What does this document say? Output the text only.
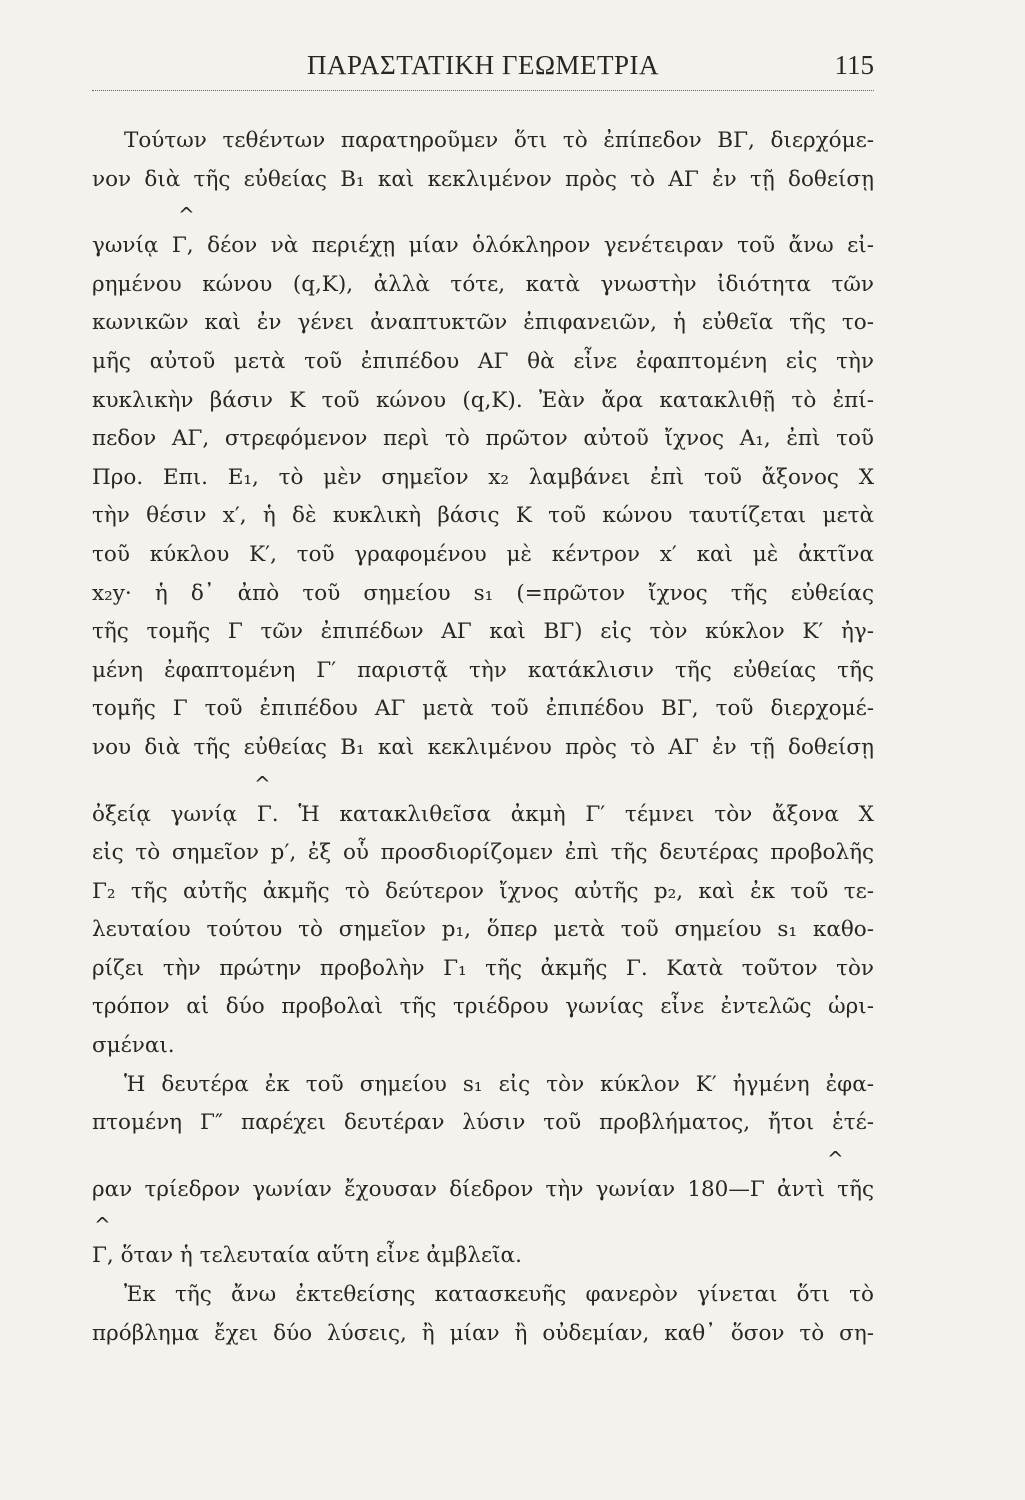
ΠΑΡΑΣΤΑΤΙΚΗ ΓΕΩΜΕΤΡΙΑ	115
Τούτων τεθέντων παρατηροῦμεν ὅτι τὸ ἐπίπεδον ΒΓ, διερχόμε-
νον διὰ τῆς εὐθείας Β₁ καὶ κεκλιμένον πρὸς τὸ ΑΓ ἐν τῇ δοθείσῃ
^
γωνίᾳ Γ, δέον νὰ περιέχῃ μίαν ὁλόκληρον γενέτειραν τοῦ ἄνω εἰ-
ρημένου κώνου (q,K), ἀλλὰ τότε, κατὰ γνωστὴν ἰδιότητα τῶν
κωνικῶν καὶ ἐν γένει ἀναπτυκτῶν ἐπιφανειῶν, ἡ εὐθεῖα τῆς το-
μῆς αὐτοῦ μετὰ τοῦ ἐπιπέδου ΑΓ θὰ εἶνε ἐφαπτομένη εἰς τὴν
κυκλικὴν βάσιν Κ τοῦ κώνου (q,K). Ἐὰν ἄρα κατακλιθῇ τὸ ἐπί-
πεδον ΑΓ, στρεφόμενον περὶ τὸ πρῶτον αὐτοῦ ἴχνος Α₁, ἐπὶ τοῦ
Προ. Επι. Ε₁, τὸ μὲν σημεῖον x₂ λαμβάνει ἐπὶ τοῦ ἄξονος Χ
τὴν θέσιν x′, ἡ δὲ κυκλικὴ βάσις Κ τοῦ κώνου ταυτίζεται μετὰ
τοῦ κύκλου Κ′, τοῦ γραφομένου μὲ κέντρον x′ καὶ μὲ ἀκτῖνα
x₂y· ἡ δ᾽ ἀπὸ τοῦ σημείου s₁ (=πρῶτον ἴχνος τῆς εὐθείας
τῆς τομῆς Γ τῶν ἐπιπέδων ΑΓ καὶ ΒΓ) εἰς τὸν κύκλον Κ′ ἠγ-
μένη ἐφαπτομένη Γ′ παριστᾷ τὴν κατάκλισιν τῆς εὐθείας τῆς
τομῆς Γ τοῦ ἐπιπέδου ΑΓ μετὰ τοῦ ἐπιπέδου ΒΓ, τοῦ διερχομέ-
νου διὰ τῆς εὐθείας Β₁ καὶ κεκλιμένου πρὸς τὸ ΑΓ ἐν τῇ δοθείσῃ
^
ὀξείᾳ γωνίᾳ Γ. Ἡ κατακλιθεῖσα ἀκμὴ Γ′ τέμνει τὸν ἄξονα Χ
εἰς τὸ σημεῖον p′, ἐξ οὗ προσδιορίζομεν ἐπὶ τῆς δευτέρας προβολῆς
Γ₂ τῆς αὐτῆς ἀκμῆς τὸ δεύτερον ἴχνος αὐτῆς p₂, καὶ ἐκ τοῦ τε-
λευταίου τούτου τὸ σημεῖον p₁, ὅπερ μετὰ τοῦ σημείου s₁ καθο-
ρίζει τὴν πρώτην προβολὴν Γ₁ τῆς ἀκμῆς Γ. Κατὰ τοῦτον τὸν
τρόπον αἱ δύο προβολαὶ τῆς τριέδρου γωνίας εἶνε ἐντελῶς ὡρι-
σμέναι.
Ἡ δευτέρα ἐκ τοῦ σημείου s₁ εἰς τὸν κύκλον Κ′ ἠγμένη ἐφα-
πτομένη Γ″ παρέχει δευτέραν λύσιν τοῦ προβλήματος, ἤτοι ἑτέ-
^
ραν τρίεδρον γωνίαν ἔχουσαν δίεδρον τὴν γωνίαν 180—Γ ἀντὶ τῆς
^
Γ, ὅταν ἡ τελευταία αὕτη εἶνε ἀμβλεῖα.
Ἐκ τῆς ἄνω ἐκτεθείσης κατασκευῆς φανερὸν γίνεται ὅτι τὸ
πρόβλημα ἔχει δύο λύσεις, ἢ μίαν ἢ οὐδεμίαν, καθ᾽ ὅσον τὸ ση-
